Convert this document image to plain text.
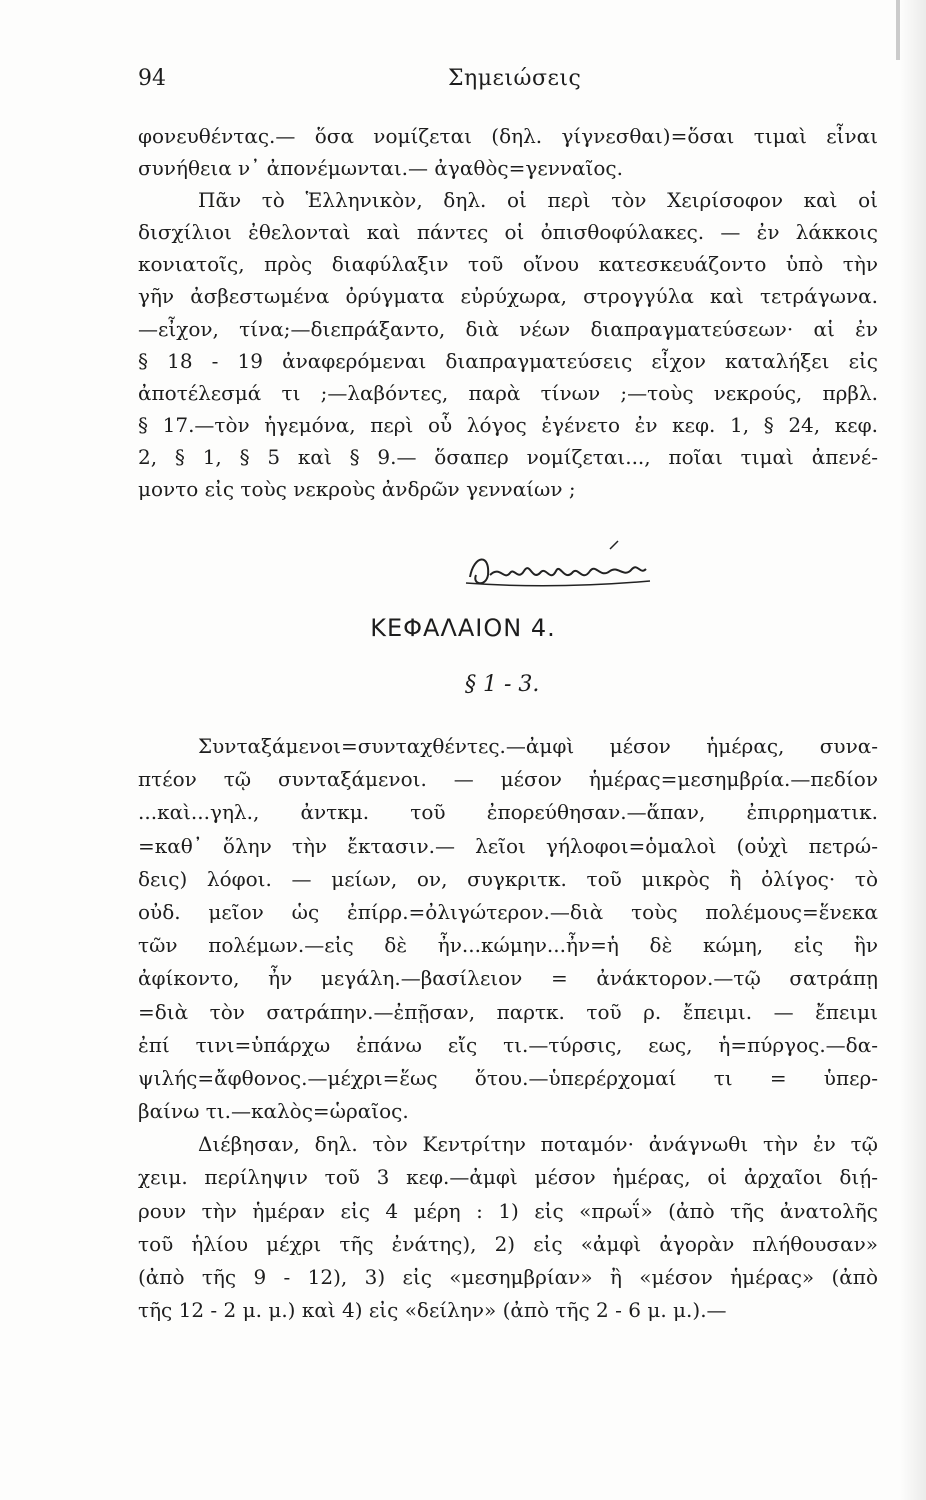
94	Σημειώσεις
φονευθέντας.— ὅσα νομίζεται (δηλ. γίγνεσθαι)=ὅσαι τιμαὶ εἶναι
συνήθεια ν᾽ ἀπονέμωνται.— ἀγαθὸς=γενναῖος.
Πᾶν τὸ Ἑλληνικὸν, δηλ. οἱ περὶ τὸν Χειρίσοφον καὶ οἱ
δισχίλιοι ἐθελονταὶ καὶ πάντες οἱ ὀπισθοφύλακες. — ἐν λάκκοις
κονιατοῖς, πρὸς διαφύλαξιν τοῦ οἴνου κατεσκευάζοντο ὑπὸ τὴν
γῆν ἀσβεστωμένα ὀρύγματα εὐρύχωρα, στρογγύλα καὶ τετράγωνα.
—εἶχον, τίνα;—διεπράξαντο, διὰ νέων διαπραγματεύσεων· αἱ ἐν
§ 18 - 19 ἀναφερόμεναι διαπραγματεύσεις εἶχον καταλήξει εἰς
ἀποτέλεσμά τι ;—λαβόντες, παρὰ τίνων ;—τοὺς νεκρούς, πρβλ.
§ 17.—τὸν ἡγεμόνα, περὶ οὗ λόγος ἐγένετο ἐν κεφ. 1, § 24, κεφ.
2, § 1, § 5 καὶ § 9.— ὅσαπερ νομίζεται..., ποῖαι τιμαὶ ἀπενέ-
μοντο εἰς τοὺς νεκροὺς ἀνδρῶν γενναίων ;
ΚΕΦΑΛΑΙΟΝ 4.
§ 1 - 3.
Συνταξάμενοι=συνταχθέντες.—ἀμφὶ μέσον ἡμέρας, συνα-
πτέον τῷ συνταξάμενοι. — μέσον ἡμέρας=μεσημβρία.—πεδίον
...καὶ...γηλ., ἀντκμ. τοῦ ἐπορεύθησαν.—ἅπαν, ἐπιρρηματικ.
=καθ᾽ ὅλην τὴν ἔκτασιν.— λεῖοι γήλοφοι=ὁμαλοὶ (οὐχὶ πετρώ-
δεις) λόφοι. — μείων, ον, συγκριτκ. τοῦ μικρὸς ἢ ὀλίγος· τὸ
οὐδ. μεῖον ὡς ἐπίρρ.=ὀλιγώτερον.—διὰ τοὺς πολέμους=ἕνεκα
τῶν πολέμων.—εἰς δὲ ἦν...κώμην...ἦν=ἡ δὲ κώμη, εἰς ἣν
ἀφίκοντο, ἦν μεγάλη.—βασίλειον = ἀνάκτορον.—τῷ σατράπῃ
=διὰ τὸν σατράπην.—ἐπῇσαν, παρτκ. τοῦ ρ. ἔπειμι. — ἔπειμι
ἐπί τινι=ὑπάρχω ἐπάνω εἴς τι.—τύρσις, εως, ἡ=πύργος.—δα-
ψιλής=ἄφθονος.—μέχρι=ἕως ὅτου.—ὑπερέρχομαί τι = ὑπερ-
βαίνω τι.—καλὸς=ὡραῖος.
Διέβησαν, δηλ. τὸν Κεντρίτην ποταμόν· ἀνάγνωθι τὴν ἐν τῷ
χειμ. περίληψιν τοῦ 3 κεφ.—ἀμφὶ μέσον ἡμέρας, οἱ ἀρχαῖοι διῄ-
ρουν τὴν ἡμέραν εἰς 4 μέρη : 1) εἰς «πρωΐ» (ἀπὸ τῆς ἀνατολῆς
τοῦ ἡλίου μέχρι τῆς ἐνάτης), 2) εἰς «ἀμφὶ ἀγορὰν πλήθουσαν»
(ἀπὸ τῆς 9 - 12), 3) εἰς «μεσημβρίαν» ἢ «μέσον ἡμέρας» (ἀπὸ
τῆς 12 - 2 μ. μ.) καὶ 4) εἰς «δείλην» (ἀπὸ τῆς 2 - 6 μ. μ.).—
